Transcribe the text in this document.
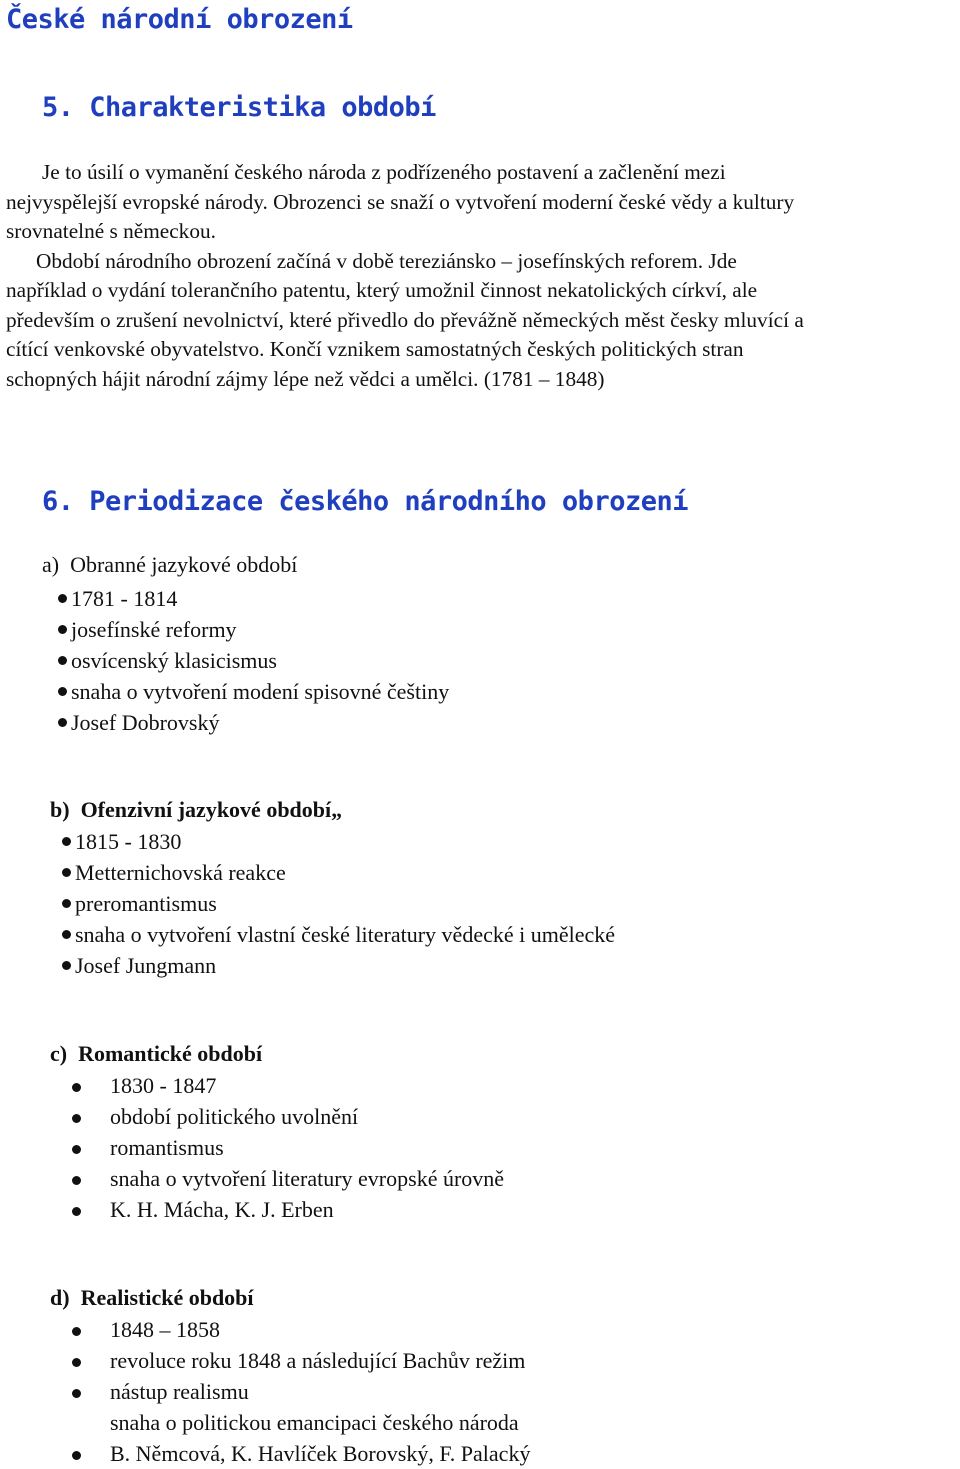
České národní obrození
5. Charakteristika období

Je to úsilí o vymanění českého národa z podřízeného postavení a začlenění mezi
nejvyspělejší evropské národy. Obrozenci se snaží o vytvoření moderní české vědy a kultury
srovnatelné s německou.
Období národního obrození začíná v době tereziánsko – josefínských reforem. Jde
například o vydání tolerančního patentu, který umožnil činnost nekatolických církví, ale
především o zrušení nevolnictví, které přivedlo do převážně německých měst česky mluvící a
cítící venkovské obyvatelstvo. Končí vznikem samostatných českých politických stran
schopných hájit národní zájmy lépe než vědci a umělci. (1781 – 1848)

6. Periodizace českého národního obrození

a) Obranné jazykové období

1781 - 1814
josefínské reformy
osvícenský klasicismus
snaha o vytvoření modení spisovné češtiny
Josef Dobrovský

b) Ofenzivní jazykové období„

1815 - 1830
Metternichovská reakce
preromantismus
snaha o vytvoření vlastní české literatury vědecké i umělecké
Josef Jungmann

c) Romantické období

1830 - 1847
období politického uvolnění
romantismus
snaha o vytvoření literatury evropské úrovně
K. H. Mácha, K. J. Erben

d) Realistické období

1848 – 1858
revoluce roku 1848 a následující Bachův režim
nástup realismu
snaha o politickou emancipaci českého národa
B. Němcová, K. Havlíček Borovský, F. Palacký
